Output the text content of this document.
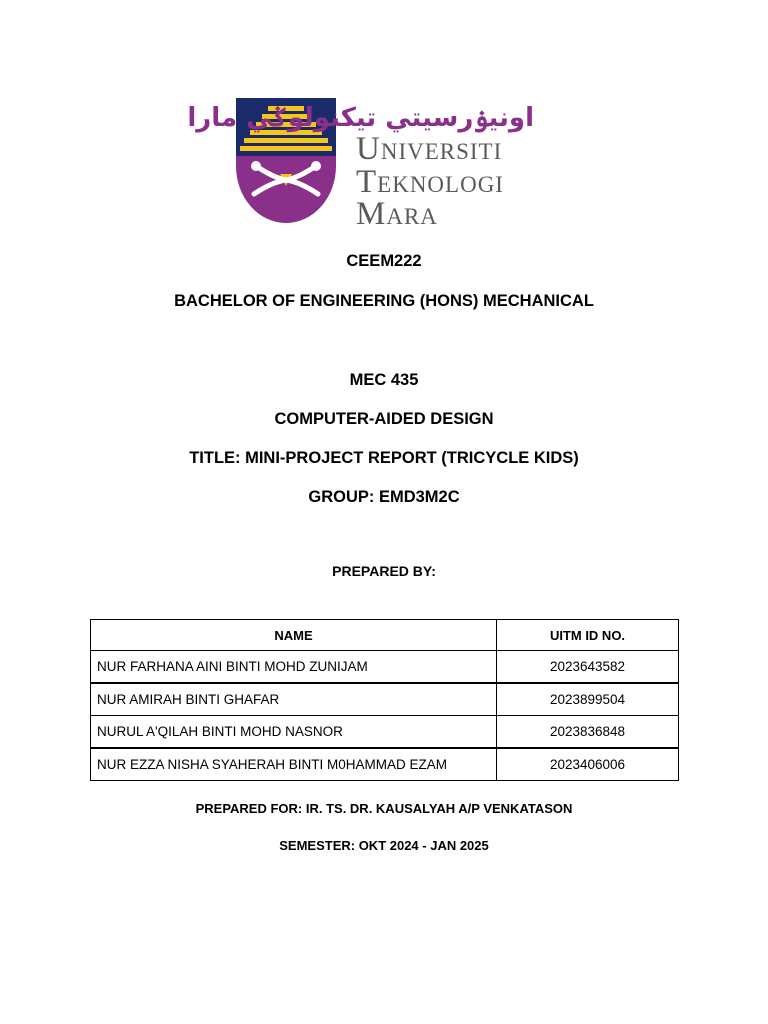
اونيۏرسيتي تيكنولوݢي مارا
Universiti
Teknologi
Mara
CEEM222
BACHELOR OF ENGINEERING (HONS) MECHANICAL
MEC 435
COMPUTER-AIDED DESIGN
TITLE: MINI-PROJECT REPORT (TRICYCLE KIDS)
GROUP: EMD3M2C
PREPARED BY:
NAME	UITM ID NO.
NUR FARHANA AINI BINTI MOHD ZUNIJAM	2023643582
NUR AMIRAH BINTI GHAFAR	2023899504
NURUL A'QILAH BINTI MOHD NASNOR	2023836848
NUR EZZA NISHA SYAHERAH BINTI M0HAMMAD EZAM	2023406006
PREPARED FOR: IR. TS. DR. KAUSALYAH A/P VENKATASON
SEMESTER: OKT 2024 - JAN 2025
